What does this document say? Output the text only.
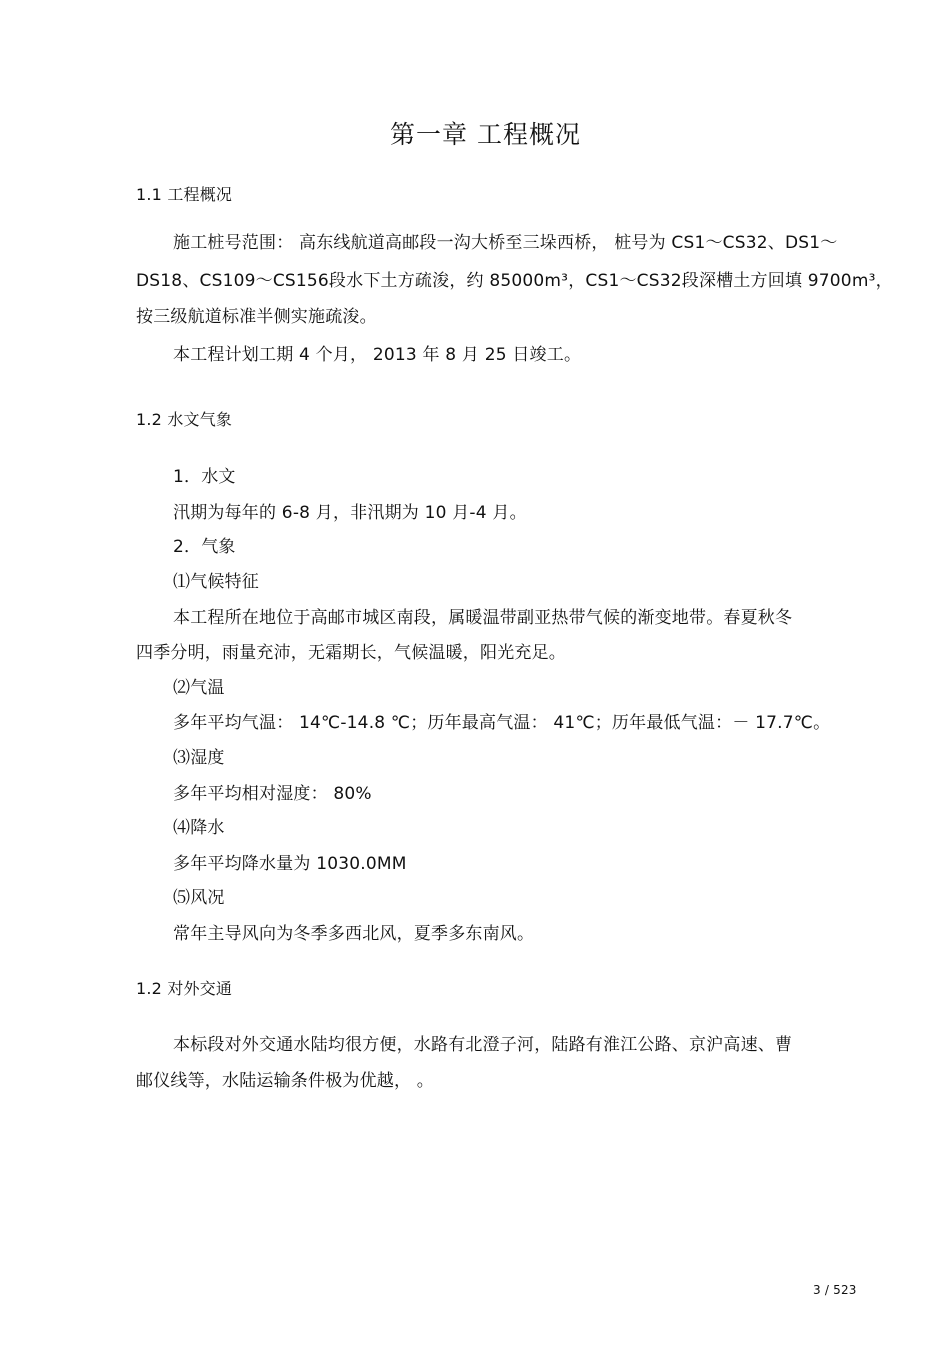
第一章 工程概况
1.1 工程概况
施工桩号范围： 高东线航道高邮段一沟大桥至三垛西桥， 桩号为 CS1～CS32、DS1～
DS18、CS109～CS156段水下土方疏浚，约 85000m³，CS1～CS32段深槽土方回填 9700m³，
按三级航道标准半侧实施疏浚。
本工程计划工期 4 个月， 2013 年 8 月 25 日竣工。
1.2 水文气象
1．水文
汛期为每年的 6-8 月，非汛期为 10 月-4 月。
2．气象
⑴气候特征
本工程所在地位于高邮市城区南段，属暖温带副亚热带气候的渐变地带。春夏秋冬
四季分明，雨量充沛，无霜期长，气候温暖，阳光充足。
⑵气温
多年平均气温： 14℃-14.8 ℃；历年最高气温： 41℃；历年最低气温：－ 17.7℃。
⑶湿度
多年平均相对湿度： 80%
⑷降水
多年平均降水量为 1030.0MM
⑸风况
常年主导风向为冬季多西北风，夏季多东南风。
1.2 对外交通
本标段对外交通水陆均很方便，水路有北澄子河，陆路有淮江公路、京沪高速、曹
邮仪线等，水陆运输条件极为优越， 。
3 / 523
